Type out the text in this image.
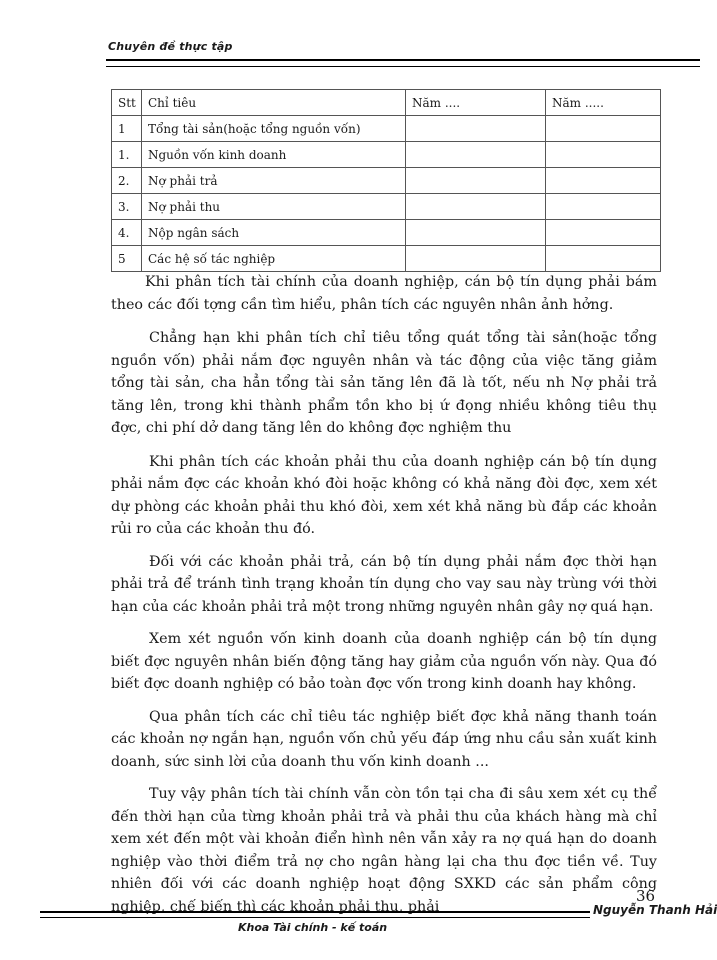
Chuyên đề thực tập
Stt	Chỉ tiêu	Năm ....	Năm .....
1	Tổng tài sản(hoặc tổng nguồn vốn)		
1.	Nguồn vốn kinh doanh		
2.	Nợ phải trả		
3.	Nợ phải thu		
4.	Nộp ngân sách		
5	Các hệ số tác nghiệp		

Khi phân tích tài chính của doanh nghiệp, cán bộ tín dụng phải bám theo các đối tợng cần tìm hiểu, phân tích các nguyên nhân ảnh hởng.

Chẳng hạn khi phân tích chỉ tiêu tổng quát tổng tài sản(hoặc tổng nguồn vốn) phải nắm đợc nguyên nhân và tác động của việc tăng giảm tổng tài sản, cha hẳn tổng tài sản tăng lên đã là tốt, nếu nh Nợ phải trả tăng lên, trong khi thành phẩm tồn kho bị ứ đọng nhiều không tiêu thụ đợc, chi phí dở dang tăng lên do không đợc nghiệm thu

Khi phân tích các khoản phải thu của doanh nghiệp cán bộ tín dụng phải nắm đợc các khoản khó đòi hoặc không có khả năng đòi đợc, xem xét dự phòng các khoản phải thu khó đòi, xem xét khả năng bù đắp các khoản rủi ro của các khoản thu đó.

Đối với các khoản phải trả, cán bộ tín dụng phải nắm đợc thời hạn phải trả để tránh tình trạng khoản tín dụng cho vay sau này trùng với thời hạn của các khoản phải trả một trong những nguyên nhân gây nợ quá hạn.

Xem xét nguồn vốn kinh doanh của doanh nghiệp cán bộ tín dụng biết đợc nguyên nhân biến động tăng hay giảm của nguồn vốn này. Qua đó biết đợc doanh nghiệp có bảo toàn đợc vốn trong kinh doanh hay không.

Qua phân tích các chỉ tiêu tác nghiệp biết đợc khả năng thanh toán các khoản nợ ngắn hạn, nguồn vốn chủ yếu đáp ứng nhu cầu sản xuất kinh doanh, sức sinh lời của doanh thu vốn kinh doanh ...

Tuy vậy phân tích tài chính vẫn còn tồn tại cha đi sâu xem xét cụ thể đến thời hạn của từng khoản phải trả và phải thu của khách hàng mà chỉ xem xét đến một vài khoản điển hình nên vẫn xảy ra nợ quá hạn do doanh nghiệp vào thời điểm trả nợ cho ngân hàng lại cha thu đợc tiền về. Tuy nhiên đối với các doanh nghiệp hoạt động SXKD các sản phẩm công nghiệp, chế biến thì các khoản phải thu, phải

36
Nguyễn Thanh Hải
Khoa Tài chính - kế toán
